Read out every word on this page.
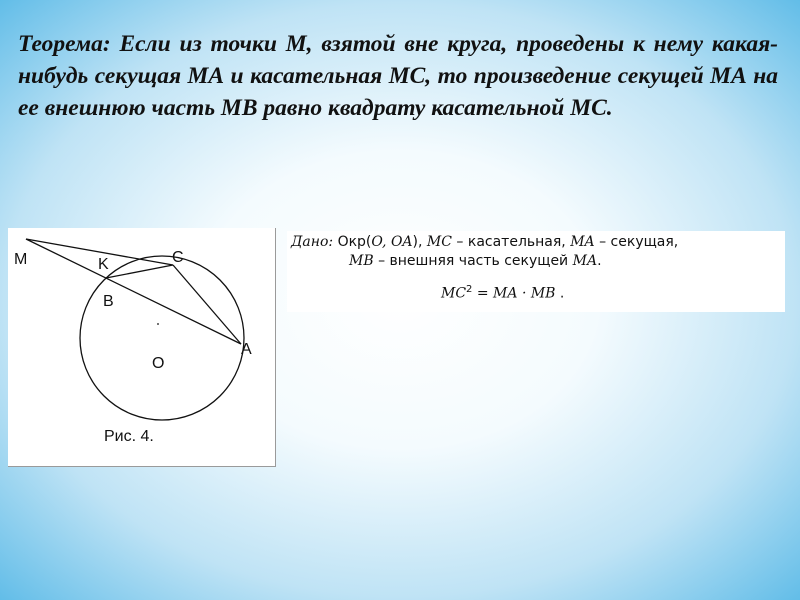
Теорема: Если из точки М, взятой вне круга, проведены к нему какая-нибудь секущая МА и касательная МС, то произведение секущей МА на ее внешнюю часть МВ равно квадрату касательной МС.

M	K	C
B
A
O
Рис. 4.
Дано: Окр(O, OA), MC – касательная, MA – секущая,
MB – внешняя часть секущей MA.
$MC^2$ = MA · MB .
